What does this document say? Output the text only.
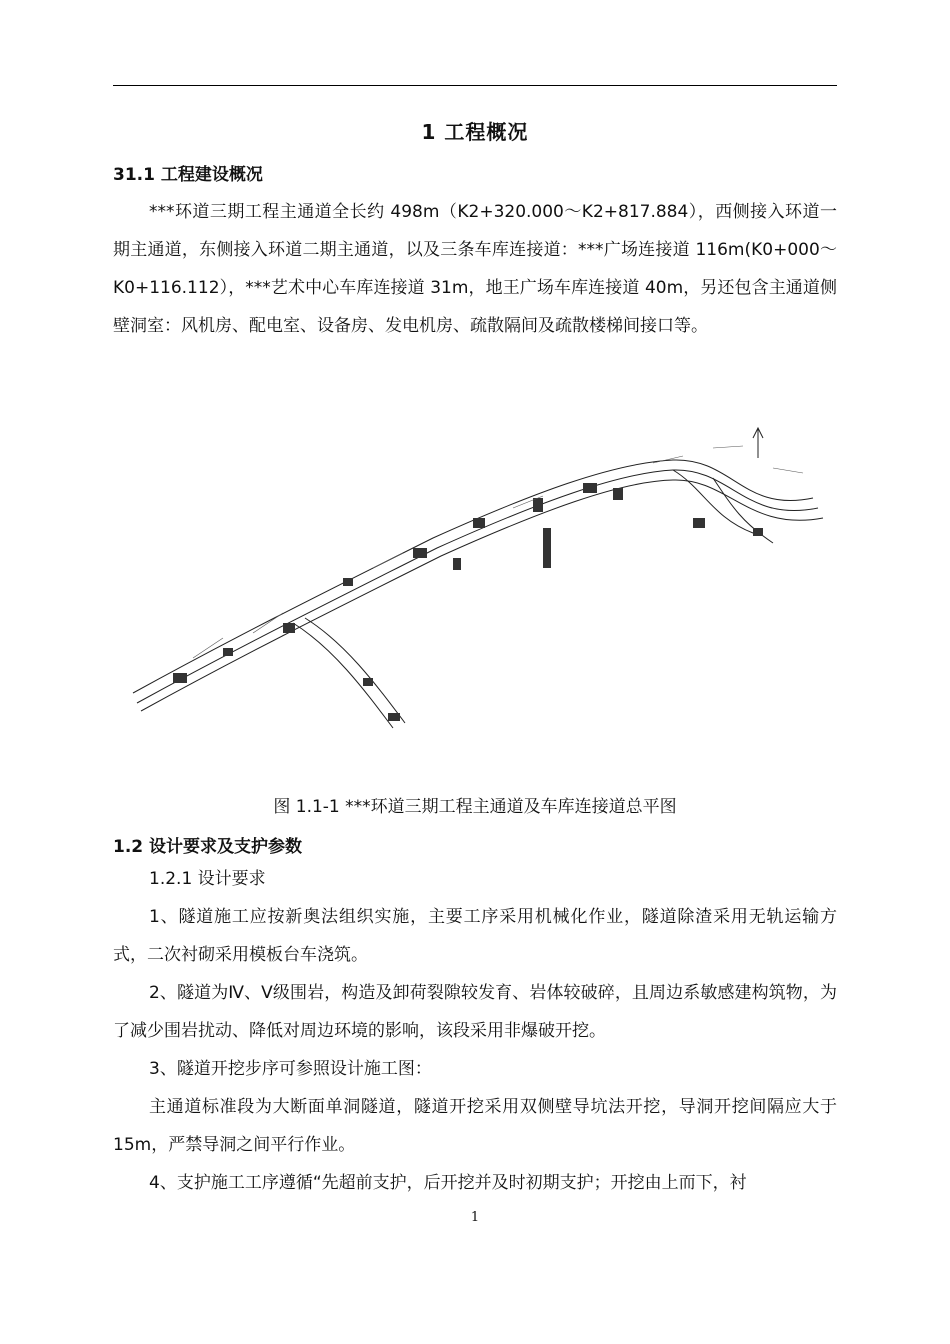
1 工程概况
31.1 工程建设概况

***环道三期工程主通道全长约 498m（K2+320.000～K2+817.884），西侧接入环道一期主通道，东侧接入环道二期主通道，以及三条车库连接道：***广场连接道 116m(K0+000～K0+116.112），***艺术中心车库连接道 31m，地王广场车库连接道 40m，另还包含主通道侧壁洞室：风机房、配电室、设备房、发电机房、疏散隔间及疏散楼梯间接口等。

图 1.1-1 ***环道三期工程主通道及车库连接道总平图
1.2 设计要求及支护参数

1.2.1 设计要求

1、隧道施工应按新奥法组织实施，主要工序采用机械化作业，隧道除渣采用无轨运输方式，二次衬砌采用模板台车浇筑。

2、隧道为Ⅳ、Ⅴ级围岩，构造及卸荷裂隙较发育、岩体较破碎，且周边系敏感建构筑物，为了减少围岩扰动、降低对周边环境的影响，该段采用非爆破开挖。

3、隧道开挖步序可参照设计施工图：

主通道标准段为大断面单洞隧道，隧道开挖采用双侧壁导坑法开挖，导洞开挖间隔应大于 15m，严禁导洞之间平行作业。

4、支护施工工序遵循“先超前支护，后开挖并及时初期支护；开挖由上而下，衬

1
